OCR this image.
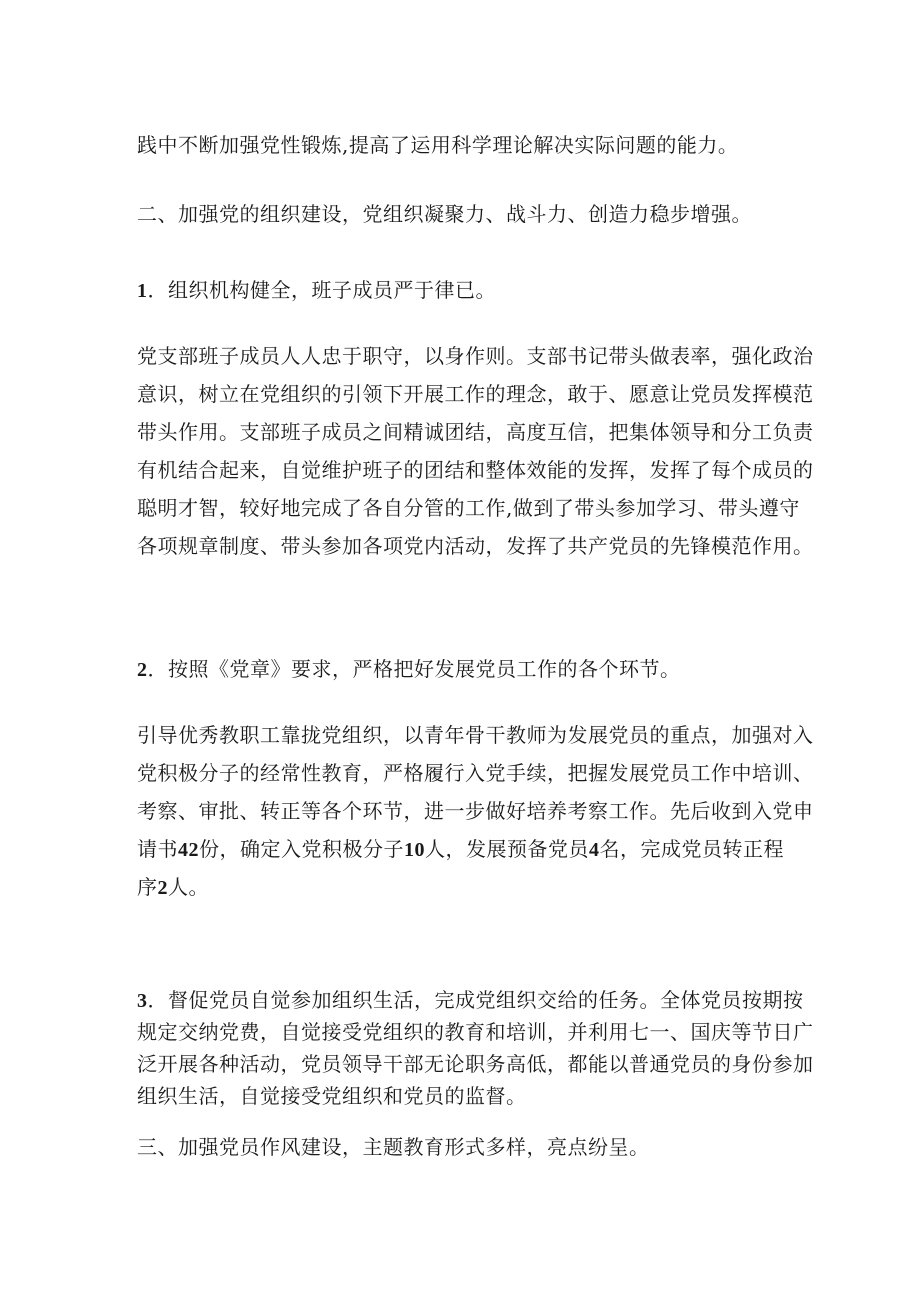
践中不断加强党性锻炼,提高了运用科学理论解决实际问题的能力。

二、加强党的组织建设，党组织凝聚力、战斗力、创造力稳步增强。

1．组织机构健全，班子成员严于律已。

党支部班子成员人人忠于职守，以身作则。支部书记带头做表率，强化政治
意识，树立在党组织的引领下开展工作的理念，敢于、愿意让党员发挥模范
带头作用。支部班子成员之间精诚团结，高度互信，把集体领导和分工负责
有机结合起来，自觉维护班子的团结和整体效能的发挥，发挥了每个成员的
聪明才智，较好地完成了各自分管的工作,做到了带头参加学习、带头遵守
各项规章制度、带头参加各项党内活动，发挥了共产党员的先锋模范作用。

2．按照《党章》要求，严格把好发展党员工作的各个环节。

引导优秀教职工靠拢党组织，以青年骨干教师为发展党员的重点，加强对入
党积极分子的经常性教育，严格履行入党手续，把握发展党员工作中培训、
考察、审批、转正等各个环节，进一步做好培养考察工作。先后收到入党申
请书42份，确定入党积极分子10人，发展预备党员4名，完成党员转正程
序2人。
3．督促党员自觉参加组织生活，完成党组织交给的任务。全体党员按期按
规定交纳党费，自觉接受党组织的教育和培训，并利用七一、国庆等节日广
泛开展各种活动，党员领导干部无论职务高低，都能以普通党员的身份参加
组织生活，自觉接受党组织和党员的监督。

三、加强党员作风建设，主题教育形式多样，亮点纷呈。
